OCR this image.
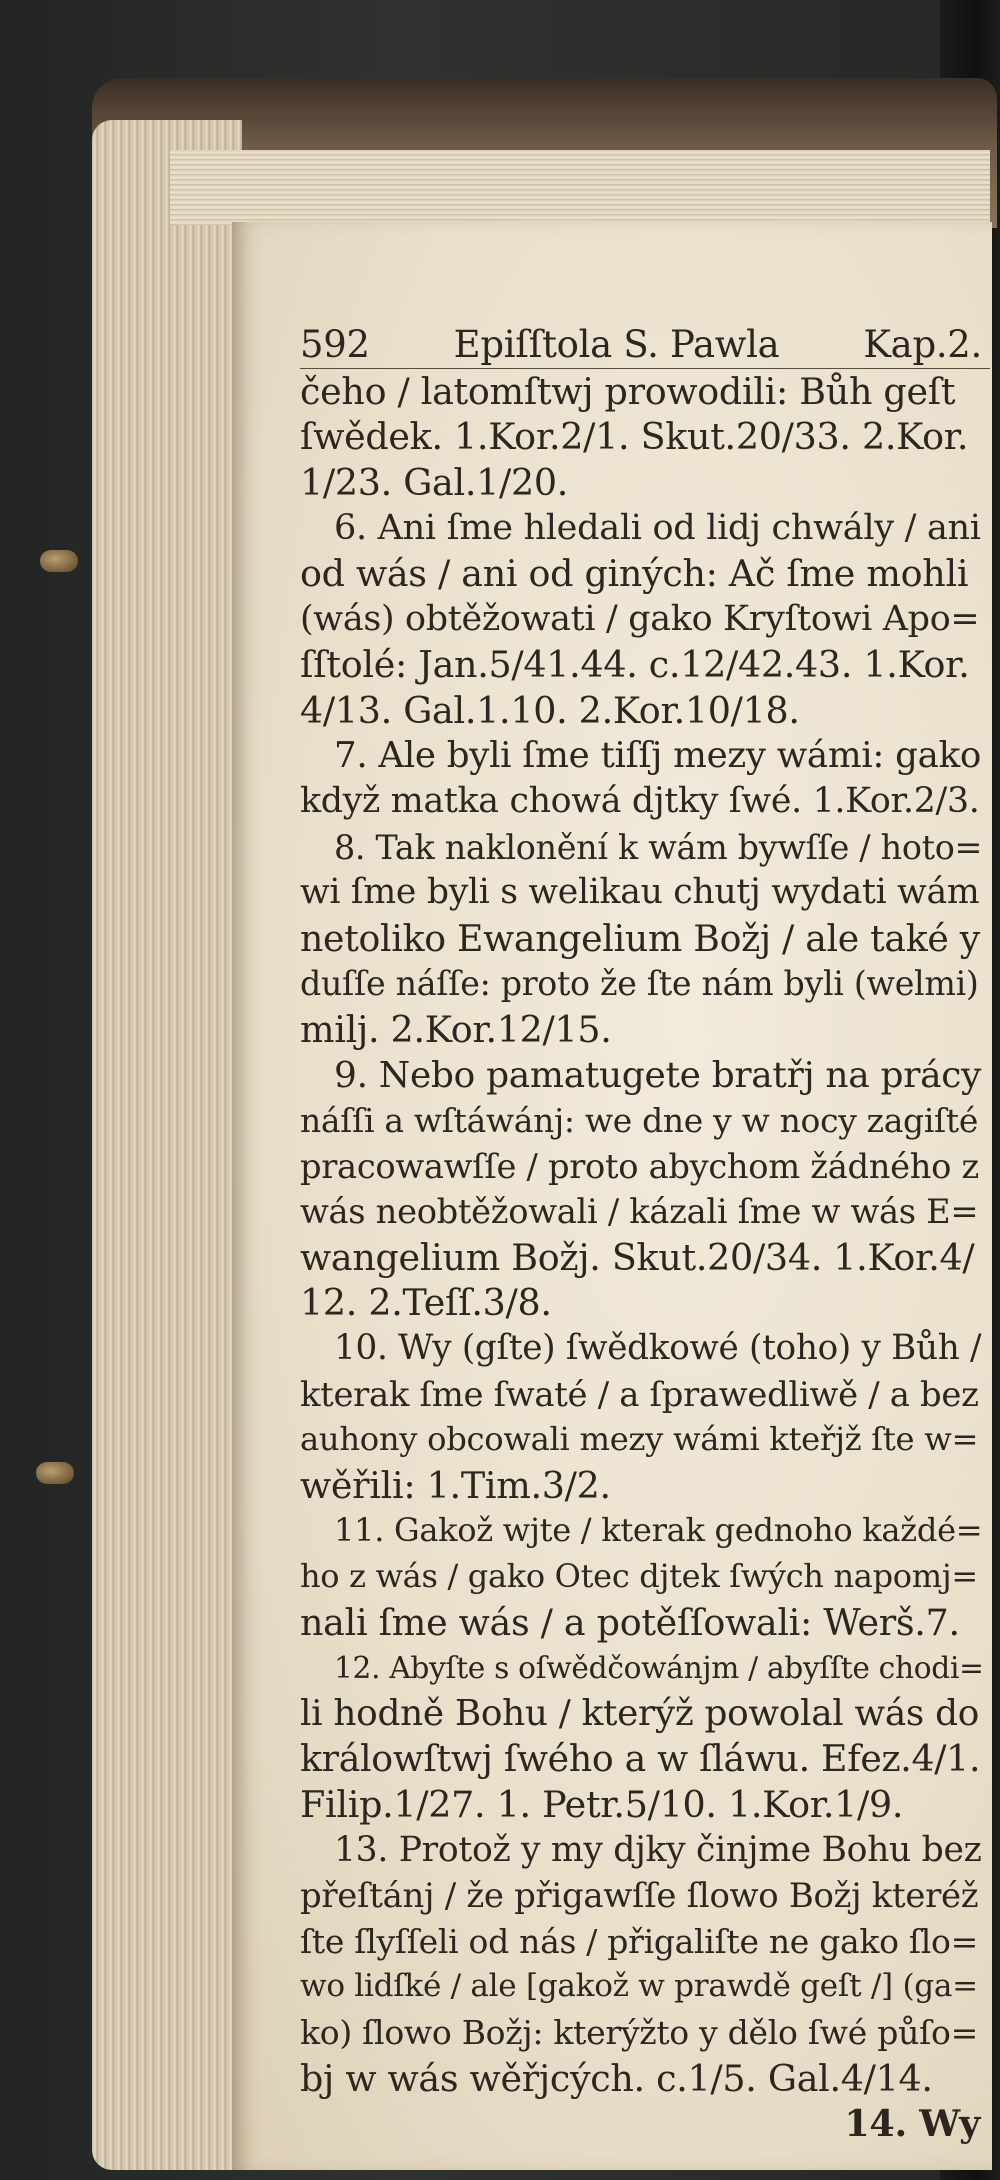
592 Epiſſtola S. Pawla Kap.2.
čeho / latomſtwj prowodili: Bůh geſt
ſwědek. 1.Kor.2/1. Skut.20/33. 2.Kor.
1/23. Gal.1/20.
6. Ani ſme hledali od lidj chwály / ani
od wás / ani od giných: Ač ſme mohli
(wás) obtěžowati / gako Kryſtowi Apo=
ſſtolé: Jan.5/41.44. c.12/42.43. 1.Kor.
4/13. Gal.1.10. 2.Kor.10/18.
7. Ale byli ſme tiſſj mezy wámi: gako
když matka chowá djtky ſwé. 1.Kor.2/3.
8. Tak naklonění k wám bywſſe / hoto=
wi ſme byli s welikau chutj wydati wám
netoliko Ewangelium Božj / ale také y
duſſe náſſe: proto že ſte nám byli (welmi)
milj. 2.Kor.12/15.
9. Nebo pamatugete bratřj na prácy
náſſi a wſtáwánj: we dne y w nocy zagiſté
pracowawſſe / proto abychom žádného z
wás neobtěžowali / kázali ſme w wás E=
wangelium Božj. Skut.20/34. 1.Kor.4/
12. 2.Teſſ.3/8.
10. Wy (gſte) ſwědkowé (toho) y Bůh /
kterak ſme ſwaté / a ſprawedliwě / a bez
auhony obcowali mezy wámi kteřjž ſte w=
wěřili: 1.Tim.3/2.
11. Gakož wjte / kterak gednoho každé=
ho z wás / gako Otec djtek ſwých napomj=
nali ſme wás / a potěſſowali: Werš.7.
12. Abyſte s oſwědčowánjm / abyſſte chodi=
li hodně Bohu / kterýž powolal wás do
králowſtwj ſwého a w ſláwu. Efez.4/1.
Filip.1/27. 1. Petr.5/10. 1.Kor.1/9.
13. Protož y my djky činjme Bohu bez
přeſtánj / že přigawſſe ſlowo Božj kteréž
ſte ſlyſſeli od nás / přigaliſte ne gako ſlo=
wo lidſké / ale [gakož w prawdě geſt /] (ga=
ko) ſlowo Božj: kterýžto y dělo ſwé půſo=
bj w wás wěřjcých. c.1/5. Gal.4/14.
14. Wy
